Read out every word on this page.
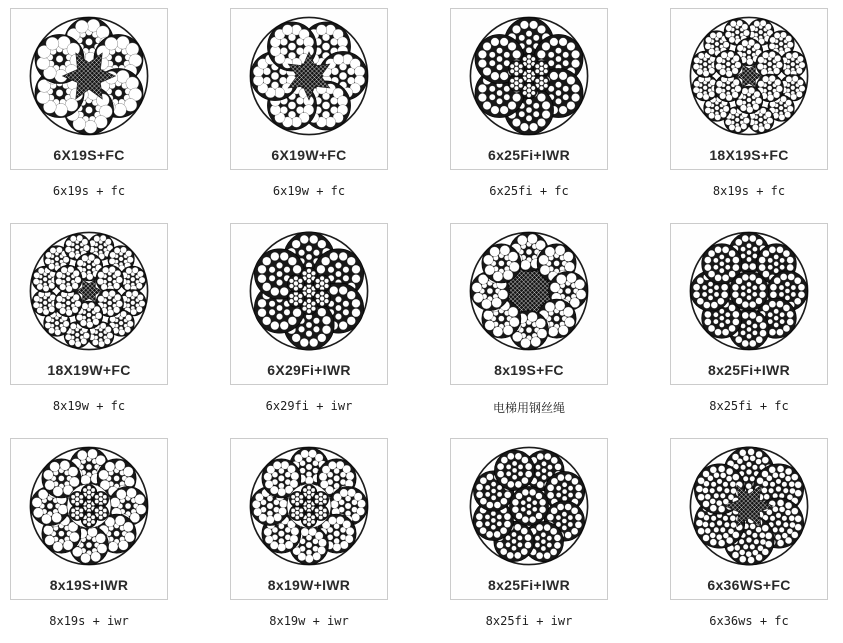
6X19S+FC
6x19s + fc
6X19W+FC
6x19w + fc
6x25Fi+IWR
6x25fi + fc
18X19S+FC
8x19s + fc
18X19W+FC
8x19w + fc
6X29Fi+IWR
6x29fi + iwr
8x19S+FC
电梯用钢丝绳
8x25Fi+IWR
8x25fi + fc
8x19S+IWR
8x19s + iwr
8x19W+IWR
8x19w + iwr
8x25Fi+IWR
8x25fi + iwr
6x36WS+FC
6x36ws + fc
